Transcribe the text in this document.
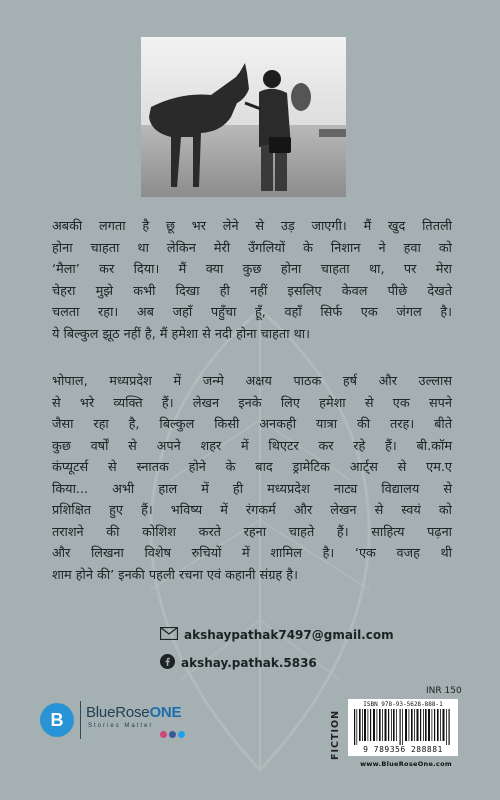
अबकी लगता है छू भर लेने से उड़ जाएगी। मैं खुद तितली
होना चाहता था लेकिन मेरी उँगलियों के निशान ने हवा को
‘मैला’ कर दिया। मैं क्या कुछ होना चाहता था, पर मेरा
चेहरा मुझे कभी दिखा ही नहीं इसलिए केवल पीछे देखते
चलता रहा। अब जहाँ पहुँचा हूँ, वहाँ सिर्फ एक जंगल है।
ये बिल्कुल झूठ नहीं है, मैं हमेशा से नदी होना चाहता था।
भोपाल, मध्यप्रदेश में जन्मे अक्षय पाठक हर्ष और उल्लास
से भरे व्यक्ति हैं। लेखन इनके लिए हमेशा से एक सपने
जैसा रहा है, बिल्कुल किसी अनकही यात्रा की तरह। बीते
कुछ वर्षों से अपने शहर में थिएटर कर रहे हैं। बी.कॉम
कंप्यूटर्स से स्नातक होने के बाद ड्रामेटिक आर्ट्स से एम.ए
किया... अभी हाल में ही मध्यप्रदेश नाट्य विद्यालय से
प्रशिक्षित हुए हैं। भविष्य में रंगकर्म और लेखन से स्वयं को
तराशने की कोशिश करते रहना चाहते हैं। साहित्य पढ़ना
और लिखना विशेष रुचियों में शामिल है। ‘एक वजह थी
शाम होने की’ इनकी पहली रचना एवं कहानी संग्रह है।
akshaypathak7497@gmail.com
akshay.pathak.5836
B BlueRoseONE
Stories Matter
INR 150
FICTION
ISBN 978-93-5628-888-1
9 789356 288881
www.BlueRoseOne.com
